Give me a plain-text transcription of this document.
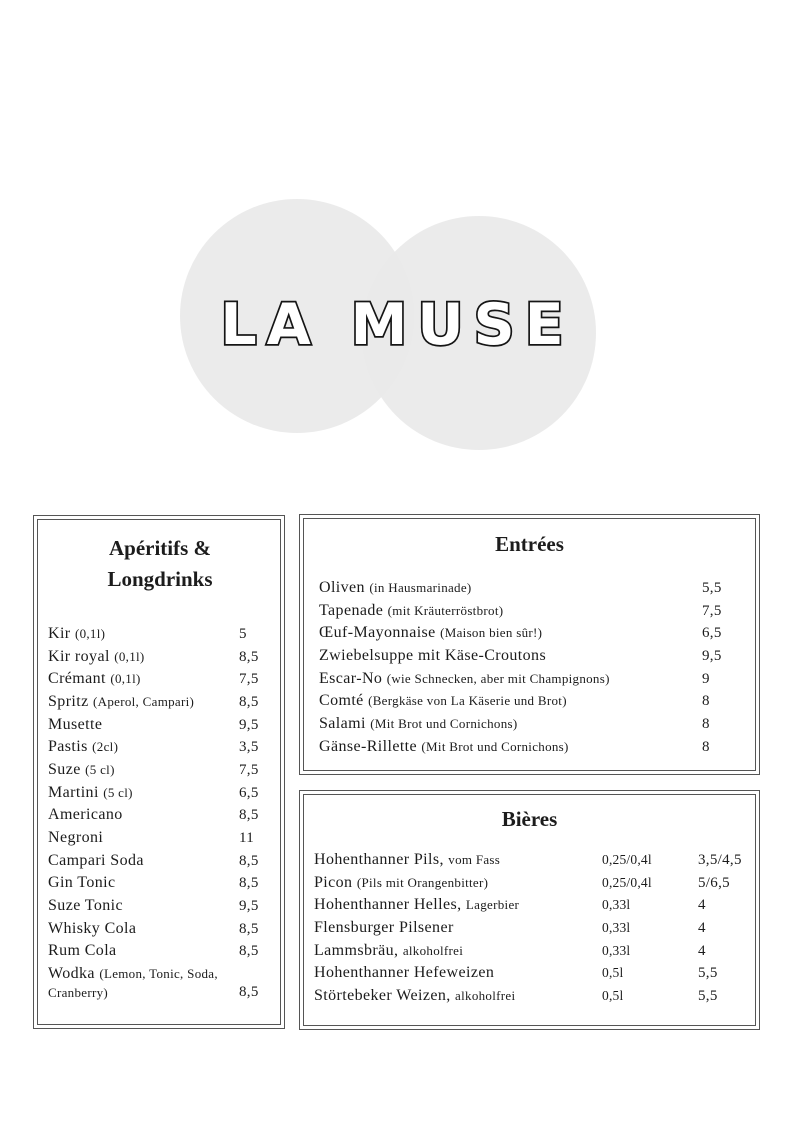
LA MUSE
Apéritifs & Longdrinks
Kir (0,1l)	5
Kir royal (0,1l)	8,5
Crémant (0,1l)	7,5
Spritz (Aperol, Campari)	8,5
Musette	9,5
Pastis (2cl)	3,5
Suze (5 cl)	7,5
Martini (5 cl)	6,5
Americano	8,5
Negroni	11
Campari Soda	8,5
Gin Tonic	8,5
Suze Tonic	9,5
Whisky Cola	8,5
Rum Cola	8,5
Wodka (Lemon, Tonic, Soda, Cranberry)	8,5
Entrées
Oliven (in Hausmarinade)	5,5
Tapenade (mit Kräuterröstbrot)	7,5
Œuf-Mayonnaise (Maison bien sûr!)	6,5
Zwiebelsuppe mit Käse-Croutons	9,5
Escar-No (wie Schnecken, aber mit Champignons)	9
Comté (Bergkäse von La Käserie und Brot)	8
Salami (Mit Brot und Cornichons)	8
Gänse-Rillette (Mit Brot und Cornichons)	8
Bières
Hohenthanner Pils, vom Fass	0,25/0,4l	3,5/4,5
Picon (Pils mit Orangenbitter)	0,25/0,4l	5/6,5
Hohenthanner Helles, Lagerbier	0,33l	4
Flensburger Pilsener	0,33l	4
Lammsbräu, alkoholfrei	0,33l	4
Hohenthanner Hefeweizen	0,5l	5,5
Störtebeker Weizen, alkoholfrei	0,5l	5,5
